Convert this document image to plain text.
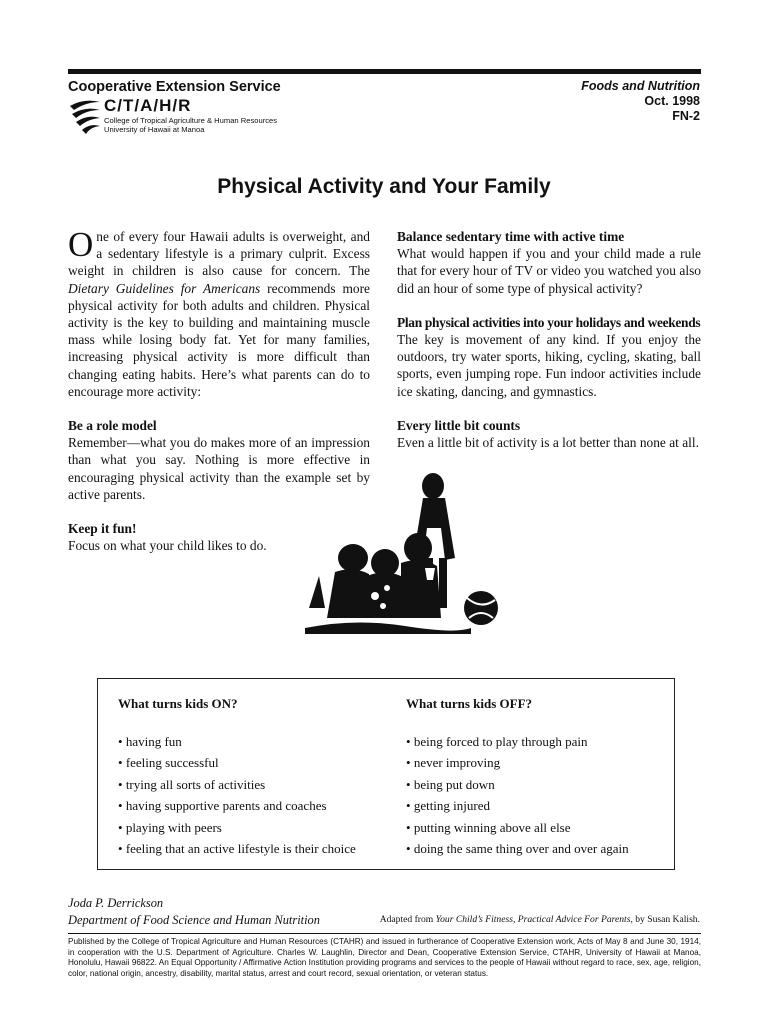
Cooperative Extension Service
C/T/A/H/R
College of Tropical Agriculture & Human Resources
University of Hawaii at Manoa
Foods and Nutrition
Oct. 1998
FN-2
Physical Activity and Your Family

One of every four Hawaii adults is overweight, and a sedentary lifestyle is a primary culprit. Excess weight in children is also cause for concern. The Dietary Guidelines for Americans recommends more physical activity for both adults and children. Physical activity is the key to building and maintaining muscle mass while losing body fat. Yet for many families, increasing physical activity is more difficult than changing eating habits. Here’s what parents can do to encourage more activity:

Be a role model

Remember—what you do makes more of an impression than what you say. Nothing is more effective in encouraging physical activity than the example set by active parents.

Keep it fun!

Focus on what your child likes to do.

Balance sedentary time with active time

What would happen if you and your child made a rule that for every hour of TV or video you watched you also did an hour of some type of physical activity?

Plan physical activities into your holidays and weekends

The key is movement of any kind. If you enjoy the outdoors, try water sports, hiking, cycling, skating, ball sports, even jumping rope. Fun indoor activities include ice skating, dancing, and gymnastics.

Every little bit counts

Even a little bit of activity is a lot better than none at all.

What turns kids ON?
• having fun
• feeling successful
• trying all sorts of activities
• having supportive parents and coaches
• playing with peers
• feeling that an active lifestyle is their choice
What turns kids OFF?
• being forced to play through pain
• never improving
• being put down
• getting injured
• putting winning above all else
• doing the same thing over and over again
Joda P. Derrickson
Department of Food Science and Human Nutrition	Adapted from Your Child’s Fitness, Practical Advice For Parents, by Susan Kalish.
Published by the College of Tropical Agriculture and Human Resources (CTAHR) and issued in furtherance of Cooperative Extension work, Acts of May 8 and June 30, 1914, in cooperation with the U.S. Department of Agriculture. Charles W. Laughlin, Director and Dean, Cooperative Extension Service, CTAHR, University of Hawaii at Manoa, Honolulu, Hawaii 96822. An Equal Opportunity / Affirmative Action Institution providing programs and services to the people of Hawaii without regard to race, sex, age, religion, color, national origin, ancestry, disability, marital status, arrest and court record, sexual orientation, or veteran status.
